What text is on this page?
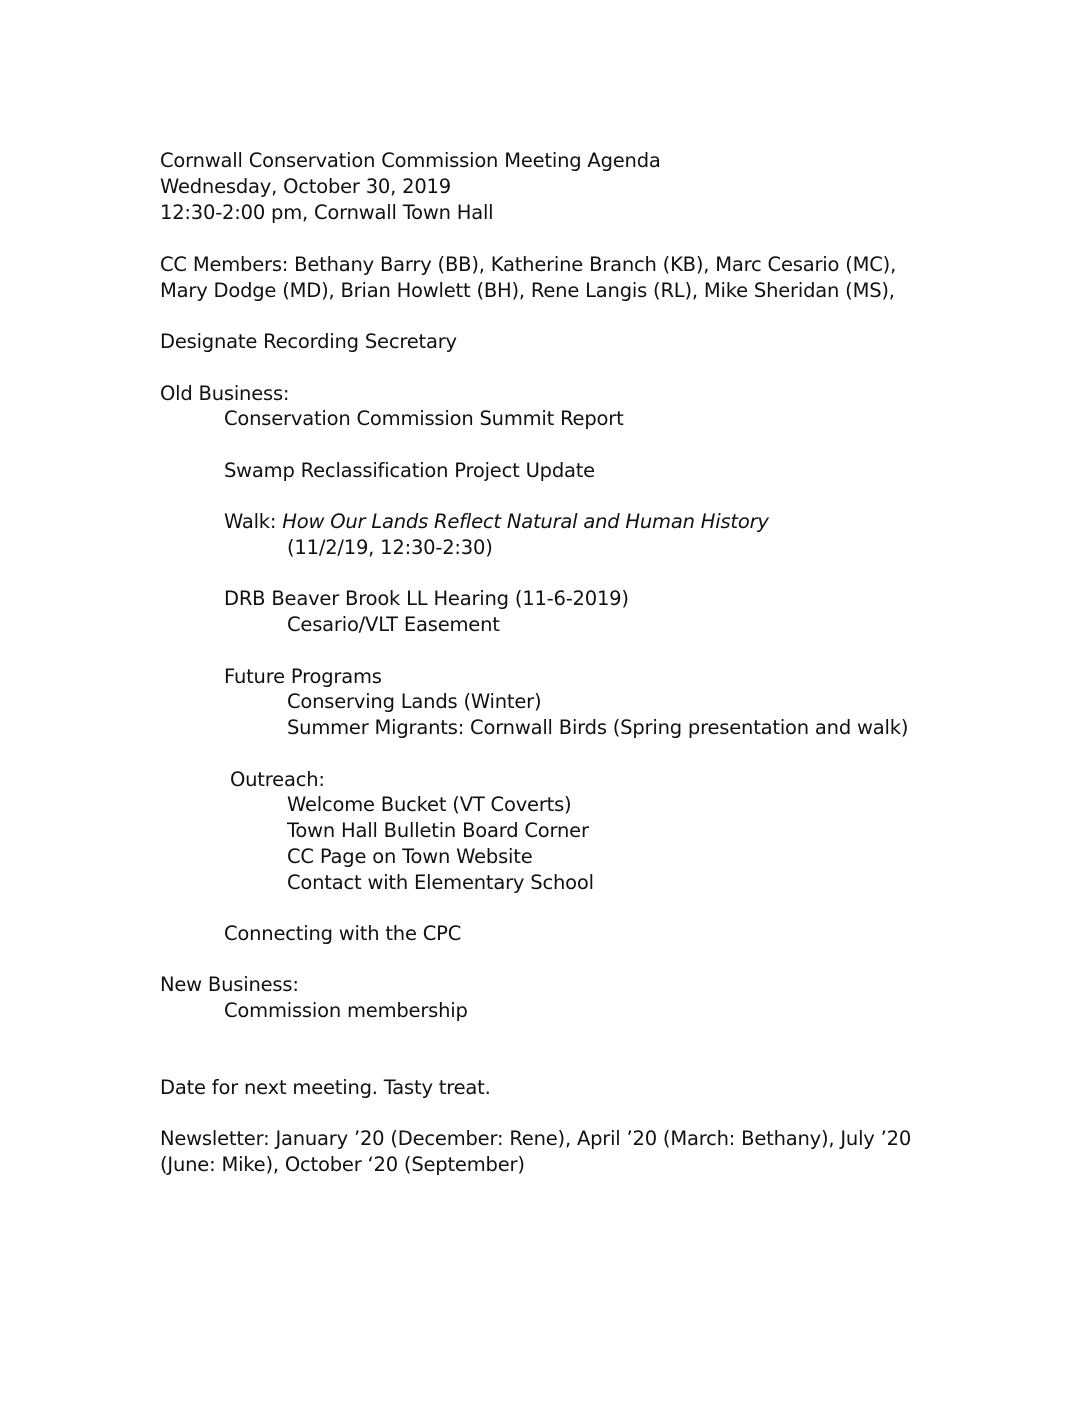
Cornwall Conservation Commission Meeting Agenda
Wednesday, October 30, 2019
12:30-2:00 pm, Cornwall Town Hall
CC Members: Bethany Barry (BB), Katherine Branch (KB), Marc Cesario (MC),
Mary Dodge (MD), Brian Howlett (BH), Rene Langis (RL), Mike Sheridan (MS),
Designate Recording Secretary
Old Business:
Conservation Commission Summit Report
Swamp Reclassification Project Update
Walk: How Our Lands Reflect Natural and Human History
(11/2/19, 12:30-2:30)
DRB Beaver Brook LL Hearing (11-6-2019)
Cesario/VLT Easement
Future Programs
Conserving Lands (Winter)
Summer Migrants: Cornwall Birds (Spring presentation and walk)
Outreach:
Welcome Bucket (VT Coverts)
Town Hall Bulletin Board Corner
CC Page on Town Website
Contact with Elementary School
Connecting with the CPC
New Business:
Commission membership
Date for next meeting. Tasty treat.
Newsletter: January ’20 (December: Rene), April ’20 (March: Bethany), July ’20
(June: Mike), October ‘20 (September)
